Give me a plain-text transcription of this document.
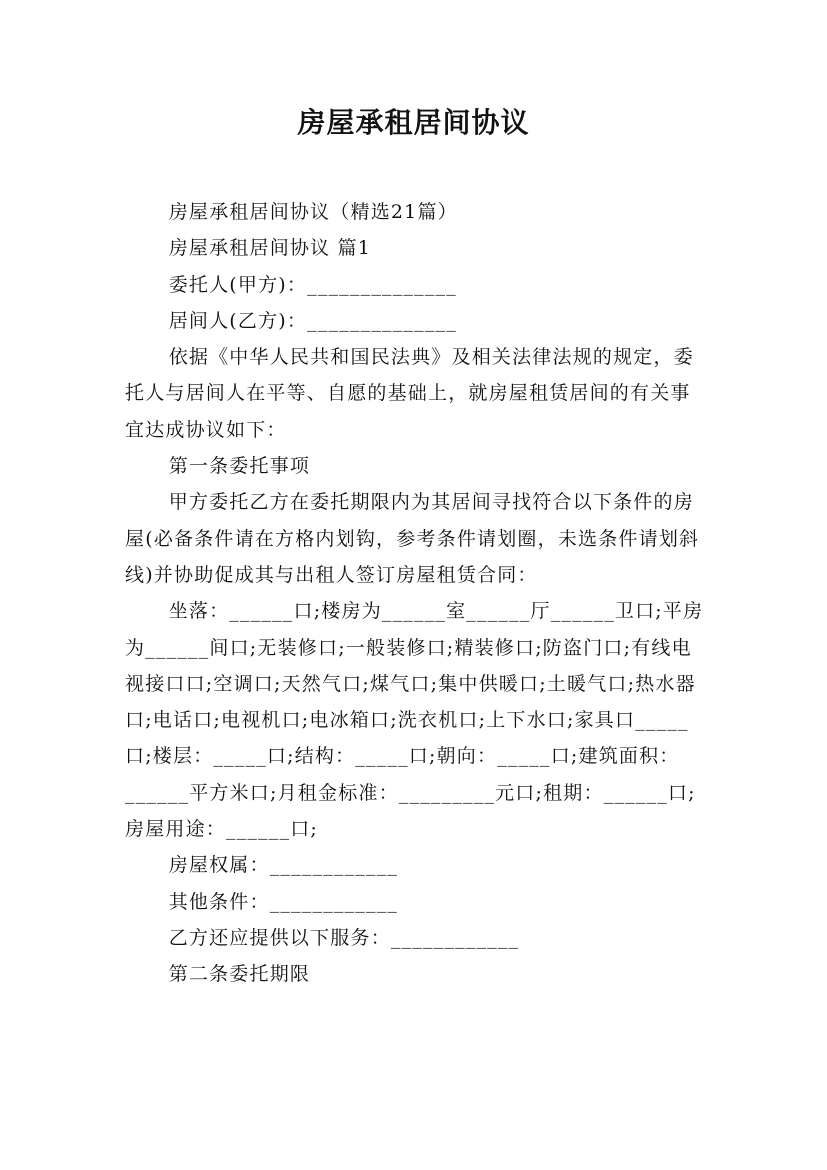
房屋承租居间协议

房屋承租居间协议（精选21篇）

房屋承租居间协议 篇1

委托人(甲方)：______________

居间人(乙方)：______________

依据《中华人民共和国民法典》及相关法律法规的规定，委托人与居间人在平等、自愿的基础上，就房屋租赁居间的有关事宜达成协议如下：

第一条委托事项

甲方委托乙方在委托期限内为其居间寻找符合以下条件的房屋(必备条件请在方格内划钩，参考条件请划圈，未选条件请划斜线)并协助促成其与出租人签订房屋租赁合同：

坐落：______口;楼房为______室______厅______卫口;平房为______间口;无装修口;一般装修口;精装修口;防盗门口;有线电视接口口;空调口;天然气口;煤气口;集中供暖口;土暖气口;热水器口;电话口;电视机口;电冰箱口;洗衣机口;上下水口;家具口_____口;楼层：_____口;结构：_____口;朝向：_____口;建筑面积：______平方米口;月租金标准：_________元口;租期：______口;房屋用途：______口;

房屋权属：____________

其他条件：____________

乙方还应提供以下服务：____________

第二条委托期限
